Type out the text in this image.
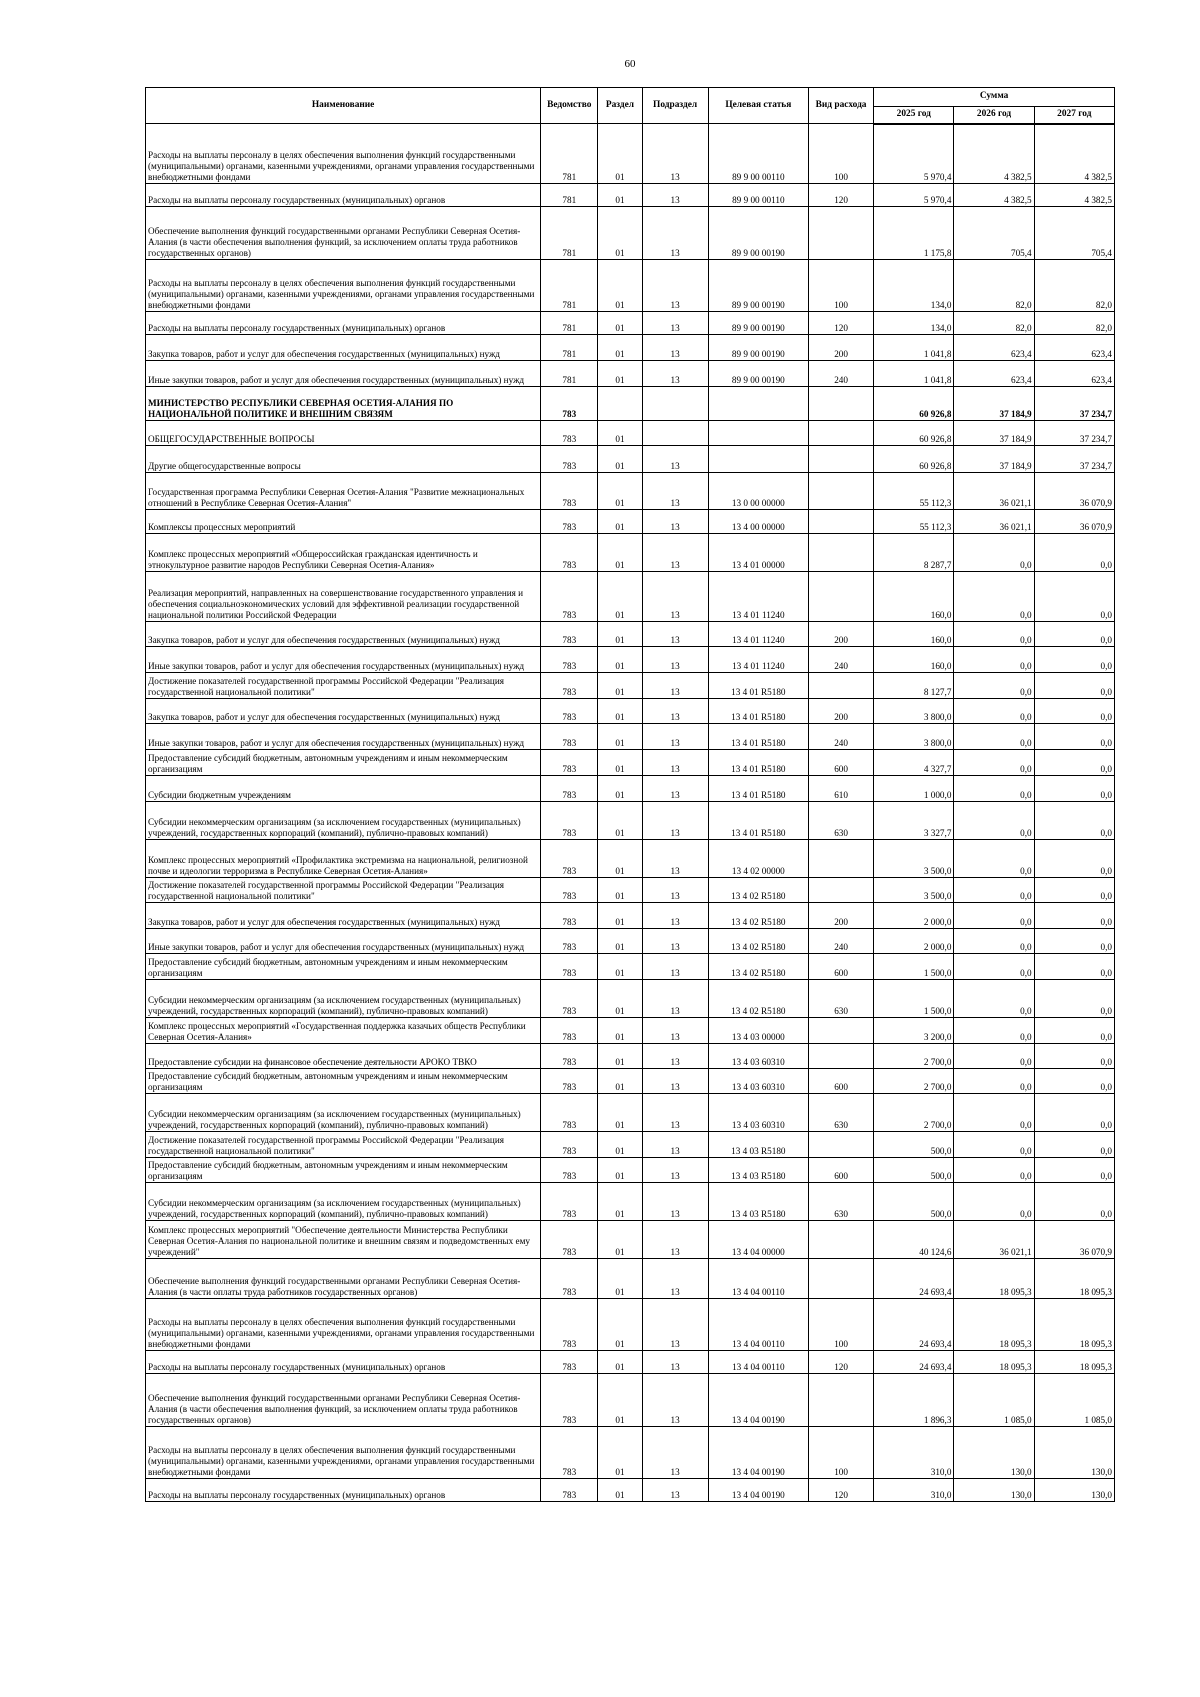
60
Наименование	Ведомство	Раздел	Подраздел	Целевая статья	Вид расхода	Сумма		
						2025 год	2026 год	2027 год
Расходы на выплаты персоналу в целях обеспечения выполнения функций государственными (муниципальными) органами, казенными учреждениями, органами управления государственными внебюджетными фондами	781	01	13	89 9 00 00110	100	5 970,4	4 382,5	4 382,5
Расходы на выплаты персоналу государственных (муниципальных) органов	781	01	13	89 9 00 00110	120	5 970,4	4 382,5	4 382,5
Обеспечение выполнения функций государственными органами Республики Северная Осетия-Алания (в части обеспечения выполнения функций, за исключением оплаты труда работников государственных органов)	781	01	13	89 9 00 00190		1 175,8	705,4	705,4
Расходы на выплаты персоналу в целях обеспечения выполнения функций государственными (муниципальными) органами, казенными учреждениями, органами управления государственными внебюджетными фондами	781	01	13	89 9 00 00190	100	134,0	82,0	82,0
Расходы на выплаты персоналу государственных (муниципальных) органов	781	01	13	89 9 00 00190	120	134,0	82,0	82,0
Закупка товаров, работ и услуг для обеспечения государственных (муниципальных) нужд	781	01	13	89 9 00 00190	200	1 041,8	623,4	623,4
Иные закупки товаров, работ и услуг для обеспечения государственных (муниципальных) нужд	781	01	13	89 9 00 00190	240	1 041,8	623,4	623,4
МИНИСТЕРСТВО РЕСПУБЛИКИ СЕВЕРНАЯ ОСЕТИЯ-АЛАНИЯ ПО НАЦИОНАЛЬНОЙ ПОЛИТИКЕ И ВНЕШНИМ СВЯЗЯМ	783					60 926,8	37 184,9	37 234,7
ОБЩЕГОСУДАРСТВЕННЫЕ ВОПРОСЫ	783	01				60 926,8	37 184,9	37 234,7
Другие общегосударственные вопросы	783	01	13			60 926,8	37 184,9	37 234,7
Государственная программа Республики Северная Осетия-Алания "Развитие межнациональных отношений в Республике Северная Осетия-Алания"	783	01	13	13 0 00 00000		55 112,3	36 021,1	36 070,9
Комплексы процессных мероприятий	783	01	13	13 4 00 00000		55 112,3	36 021,1	36 070,9
Комплекс процессных мероприятий «Общероссийская гражданская идентичность и этнокультурное развитие народов Республики Северная Осетия-Алания»	783	01	13	13 4 01 00000		8 287,7	0,0	0,0
Реализация мероприятий, направленных на совершенствование государственного управления и обеспечения социальноэкономических условий для эффективной реализации государственной национальной политики Российской Федерации	783	01	13	13 4 01 11240		160,0	0,0	0,0
Закупка товаров, работ и услуг для обеспечения государственных (муниципальных) нужд	783	01	13	13 4 01 11240	200	160,0	0,0	0,0
Иные закупки товаров, работ и услуг для обеспечения государственных (муниципальных) нужд	783	01	13	13 4 01 11240	240	160,0	0,0	0,0
Достижение показателей государственной программы Российской Федерации "Реализация государственной национальной политики"	783	01	13	13 4 01 R5180		8 127,7	0,0	0,0
Закупка товаров, работ и услуг для обеспечения государственных (муниципальных) нужд	783	01	13	13 4 01 R5180	200	3 800,0	0,0	0,0
Иные закупки товаров, работ и услуг для обеспечения государственных (муниципальных) нужд	783	01	13	13 4 01 R5180	240	3 800,0	0,0	0,0
Предоставление субсидий бюджетным, автономным учреждениям и иным некоммерческим организациям	783	01	13	13 4 01 R5180	600	4 327,7	0,0	0,0
Субсидии бюджетным учреждениям	783	01	13	13 4 01 R5180	610	1 000,0	0,0	0,0
Субсидии некоммерческим организациям (за исключением государственных (муниципальных) учреждений, государственных корпораций (компаний), публично-правовых компаний)	783	01	13	13 4 01 R5180	630	3 327,7	0,0	0,0
Комплекс процессных мероприятий «Профилактика экстремизма на национальной, религиозной почве и идеологии терроризма в Республике Северная Осетия-Алания»	783	01	13	13 4 02 00000		3 500,0	0,0	0,0
Достижение показателей государственной программы Российской Федерации "Реализация государственной национальной политики"	783	01	13	13 4 02 R5180		3 500,0	0,0	0,0
Закупка товаров, работ и услуг для обеспечения государственных (муниципальных) нужд	783	01	13	13 4 02 R5180	200	2 000,0	0,0	0,0
Иные закупки товаров, работ и услуг для обеспечения государственных (муниципальных) нужд	783	01	13	13 4 02 R5180	240	2 000,0	0,0	0,0
Предоставление субсидий бюджетным, автономным учреждениям и иным некоммерческим организациям	783	01	13	13 4 02 R5180	600	1 500,0	0,0	0,0
Субсидии некоммерческим организациям (за исключением государственных (муниципальных) учреждений, государственных корпораций (компаний), публично-правовых компаний)	783	01	13	13 4 02 R5180	630	1 500,0	0,0	0,0
Комплекс процессных мероприятий «Государственная поддержка казачьих обществ Республики Северная Осетия-Алания»	783	01	13	13 4 03 00000		3 200,0	0,0	0,0
Предоставление субсидии на финансовое обеспечение деятельности АРОКО ТВКО	783	01	13	13 4 03 60310		2 700,0	0,0	0,0
Предоставление субсидий бюджетным, автономным учреждениям и иным некоммерческим организациям	783	01	13	13 4 03 60310	600	2 700,0	0,0	0,0
Субсидии некоммерческим организациям (за исключением государственных (муниципальных) учреждений, государственных корпораций (компаний), публично-правовых компаний)	783	01	13	13 4 03 60310	630	2 700,0	0,0	0,0
Достижение показателей государственной программы Российской Федерации "Реализация государственной национальной политики"	783	01	13	13 4 03 R5180		500,0	0,0	0,0
Предоставление субсидий бюджетным, автономным учреждениям и иным некоммерческим организациям	783	01	13	13 4 03 R5180	600	500,0	0,0	0,0
Субсидии некоммерческим организациям (за исключением государственных (муниципальных) учреждений, государственных корпораций (компаний), публично-правовых компаний)	783	01	13	13 4 03 R5180	630	500,0	0,0	0,0
Комплекс процессных мероприятий "Обеспечение деятельности Министерства Республики Северная Осетия-Алания по национальной политике и внешним связям и подведомственных ему учреждений"	783	01	13	13 4 04 00000		40 124,6	36 021,1	36 070,9
Обеспечение выполнения функций государственными органами Республики Северная Осетия-Алания (в части оплаты труда работников государственных органов)	783	01	13	13 4 04 00110		24 693,4	18 095,3	18 095,3
Расходы на выплаты персоналу в целях обеспечения выполнения функций государственными (муниципальными) органами, казенными учреждениями, органами управления государственными внебюджетными фондами	783	01	13	13 4 04 00110	100	24 693,4	18 095,3	18 095,3
Расходы на выплаты персоналу государственных (муниципальных) органов	783	01	13	13 4 04 00110	120	24 693,4	18 095,3	18 095,3
Обеспечение выполнения функций государственными органами Республики Северная Осетия-Алания (в части обеспечения выполнения функций, за исключением оплаты труда работников государственных органов)	783	01	13	13 4 04 00190		1 896,3	1 085,0	1 085,0
Расходы на выплаты персоналу в целях обеспечения выполнения функций государственными (муниципальными) органами, казенными учреждениями, органами управления государственными внебюджетными фондами	783	01	13	13 4 04 00190	100	310,0	130,0	130,0
Расходы на выплаты персоналу государственных (муниципальных) органов	783	01	13	13 4 04 00190	120	310,0	130,0	130,0
